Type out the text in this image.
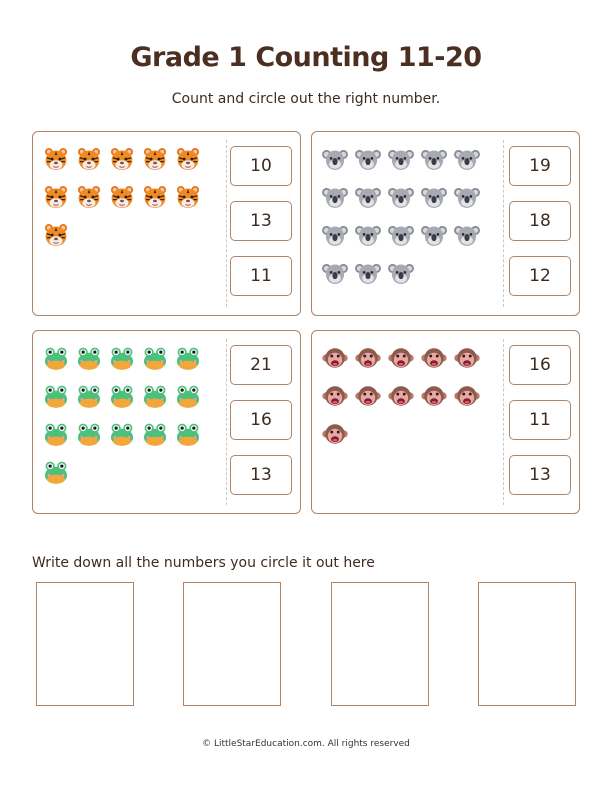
Grade 1 Counting 11-20
Count and circle out the right number.
10
13
11
19
18
12
21
16
13
16
11
13
Write down all the numbers you circle it out here
© LittleStarEducation.com. All rights reserved
